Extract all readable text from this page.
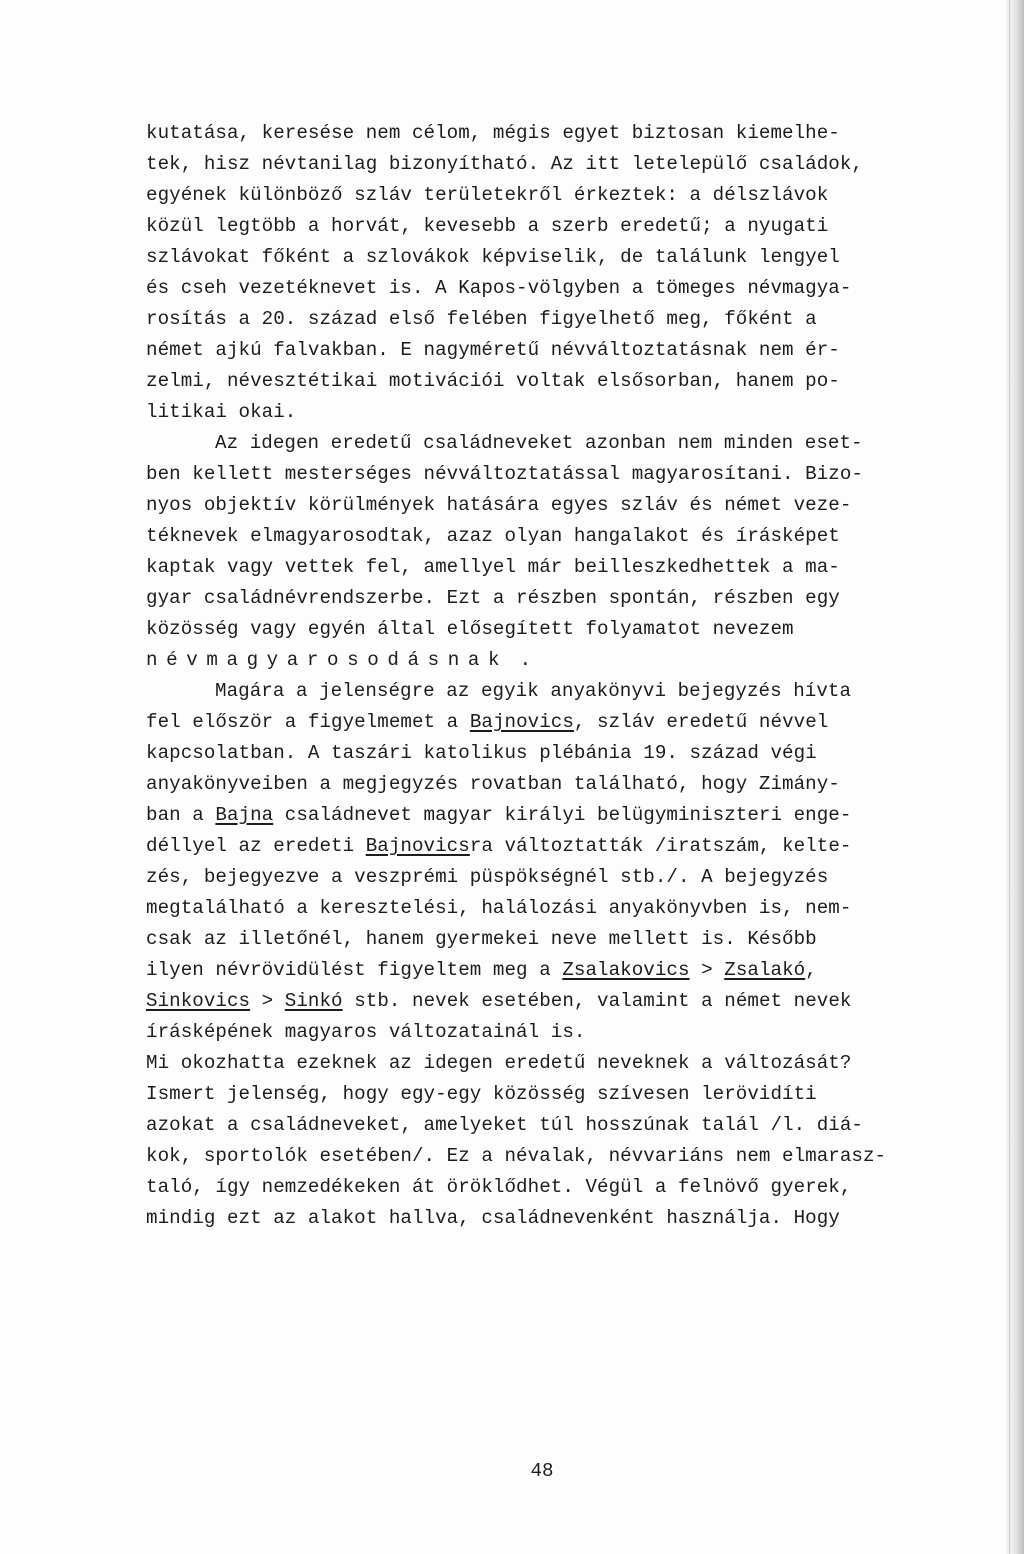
kutatása, keresése nem célom, mégis egyet biztosan kiemelhe-
tek, hisz névtanilag bizonyítható. Az itt letelepülő családok,
egyének különböző szláv területekről érkeztek: a délszlávok
közül legtöbb a horvát, kevesebb a szerb eredetű; a nyugati
szlávokat főként a szlovákok képviselik, de találunk lengyel
és cseh vezetéknevet is. A Kapos-völgyben a tömeges névmagya-
rosítás a 20. század első felében figyelhető meg, főként a
német ajkú falvakban. E nagyméretű névváltoztatásnak nem ér-
zelmi, névesztétikai motivációi voltak elsősorban, hanem po-
litikai okai.
Az idegen eredetű családneveket azonban nem minden eset-
ben kellett mesterséges névváltoztatással magyarosítani. Bizo-
nyos objektív körülmények hatására egyes szláv és német veze-
téknevek elmagyarosodtak, azaz olyan hangalakot és írásképet
kaptak vagy vettek fel, amellyel már beilleszkedhettek a ma-
gyar családnévrendszerbe. Ezt a részben spontán, részben egy
közösség vagy egyén által elősegített folyamatot nevezem
névmagyarosodásnak .
Magára a jelenségre az egyik anyakönyvi bejegyzés hívta
fel először a figyelmemet a Bajnovics, szláv eredetű névvel
kapcsolatban. A taszári katolikus plébánia 19. század végi
anyakönyveiben a megjegyzés rovatban található, hogy Zimány-
ban a Bajna családnevet magyar királyi belügyminiszteri enge-
déllyel az eredeti Bajnovicsra változtatták /iratszám, kelte-
zés, bejegyezve a veszprémi püspökségnél stb./. A bejegyzés
megtalálható a keresztelési, halálozási anyakönyvben is, nem-
csak az illetőnél, hanem gyermekei neve mellett is. Később
ilyen névrövidülést figyeltem meg a Zsalakovics > Zsalakó,
Sinkovics > Sinkó stb. nevek esetében, valamint a német nevek
írásképének magyaros változatainál is.
Mi okozhatta ezeknek az idegen eredetű neveknek a változását?
Ismert jelenség, hogy egy-egy közösség szívesen lerövidíti
azokat a családneveket, amelyeket túl hosszúnak talál /l. diá-
kok, sportolók esetében/. Ez a névalak, névvariáns nem elmarasz-
taló, így nemzedékeken át öröklődhet. Végül a felnövő gyerek,
mindig ezt az alakot hallva, családnevenként használja. Hogy
48
